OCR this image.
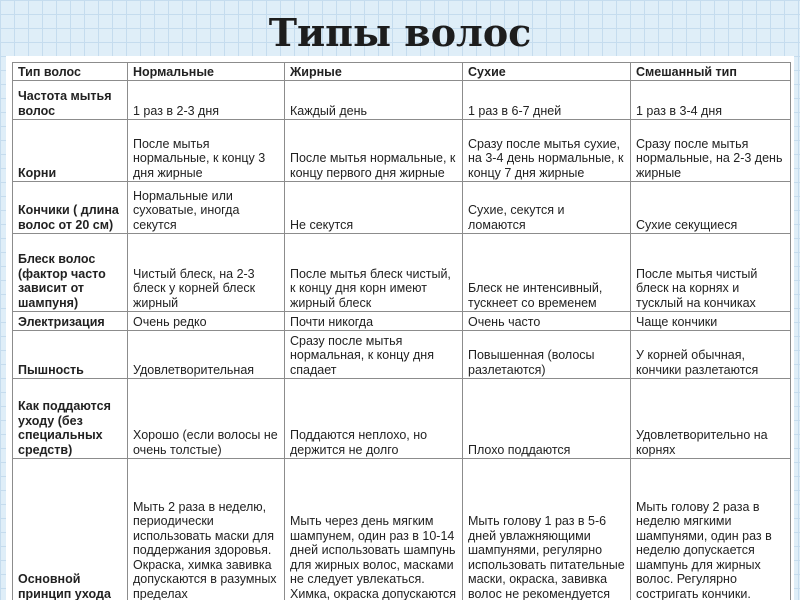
Типы волос
Тип волос	Нормальные	Жирные	Сухие	Смешанный тип
Частота мытья волос	1 раз в 2-3 дня	Каждый день	1 раз в 6-7 дней	1 раз в 3-4 дня
Корни	После мытья нормальные, к концу 3 дня жирные	После мытья нормальные, к концу первого дня жирные	Сразу после мытья сухие, на 3-4 день нормальные, к концу 7 дня жирные	Сразу после мытья нормальные, на 2-3 день жирные
Кончики ( длина волос от 20 см)	Нормальные или суховатые, иногда секутся	Не секутся	Сухие, секутся и ломаются	Сухие секущиеся
Блеск волос (фактор часто зависит от шампуня)	Чистый блеск, на 2-3 блеск у корней блеск жирный	После мытья блеск чистый, к концу дня корн имеют жирный блеск	Блеск не интенсивный, тускнеет со временем	После мытья чистый блеск на корнях и тусклый на кончиках
Электризация	Очень редко	Почти никогда	Очень часто	Чаще кончики
Пышность	Удовлетворительная	Сразу после мытья нормальная, к концу дня спадает	Повышенная (волосы разлетаются)	У корней обычная, кончики разлетаются
Как поддаются уходу (без специальных средств)	Хорошо (если волосы не очень толстые)	Поддаются неплохо, но держится не долго	Плохо поддаются	Удовлетворительно на корнях
Основной принцип ухода	Мыть 2 раза в неделю, периодически использовать маски для поддержания здоровья. Окраска, химка завивка допускаются в разумных пределах	Мыть через день мягким шампунем, один раз в 10-14 дней использовать шампунь для жирных волос, масками не следует увлекаться. Химка, окраска допускаются	Мыть голову 1 раз в 5-6 дней увлажняющими шампунями, регулярно использовать питательные маски, окраска, завивка волос не рекомендуется	Мыть голову 2 раза в неделю мягкими шампунями, один раз в неделю допускается шампунь для жирных волос. Регулярно состригать кончики.
